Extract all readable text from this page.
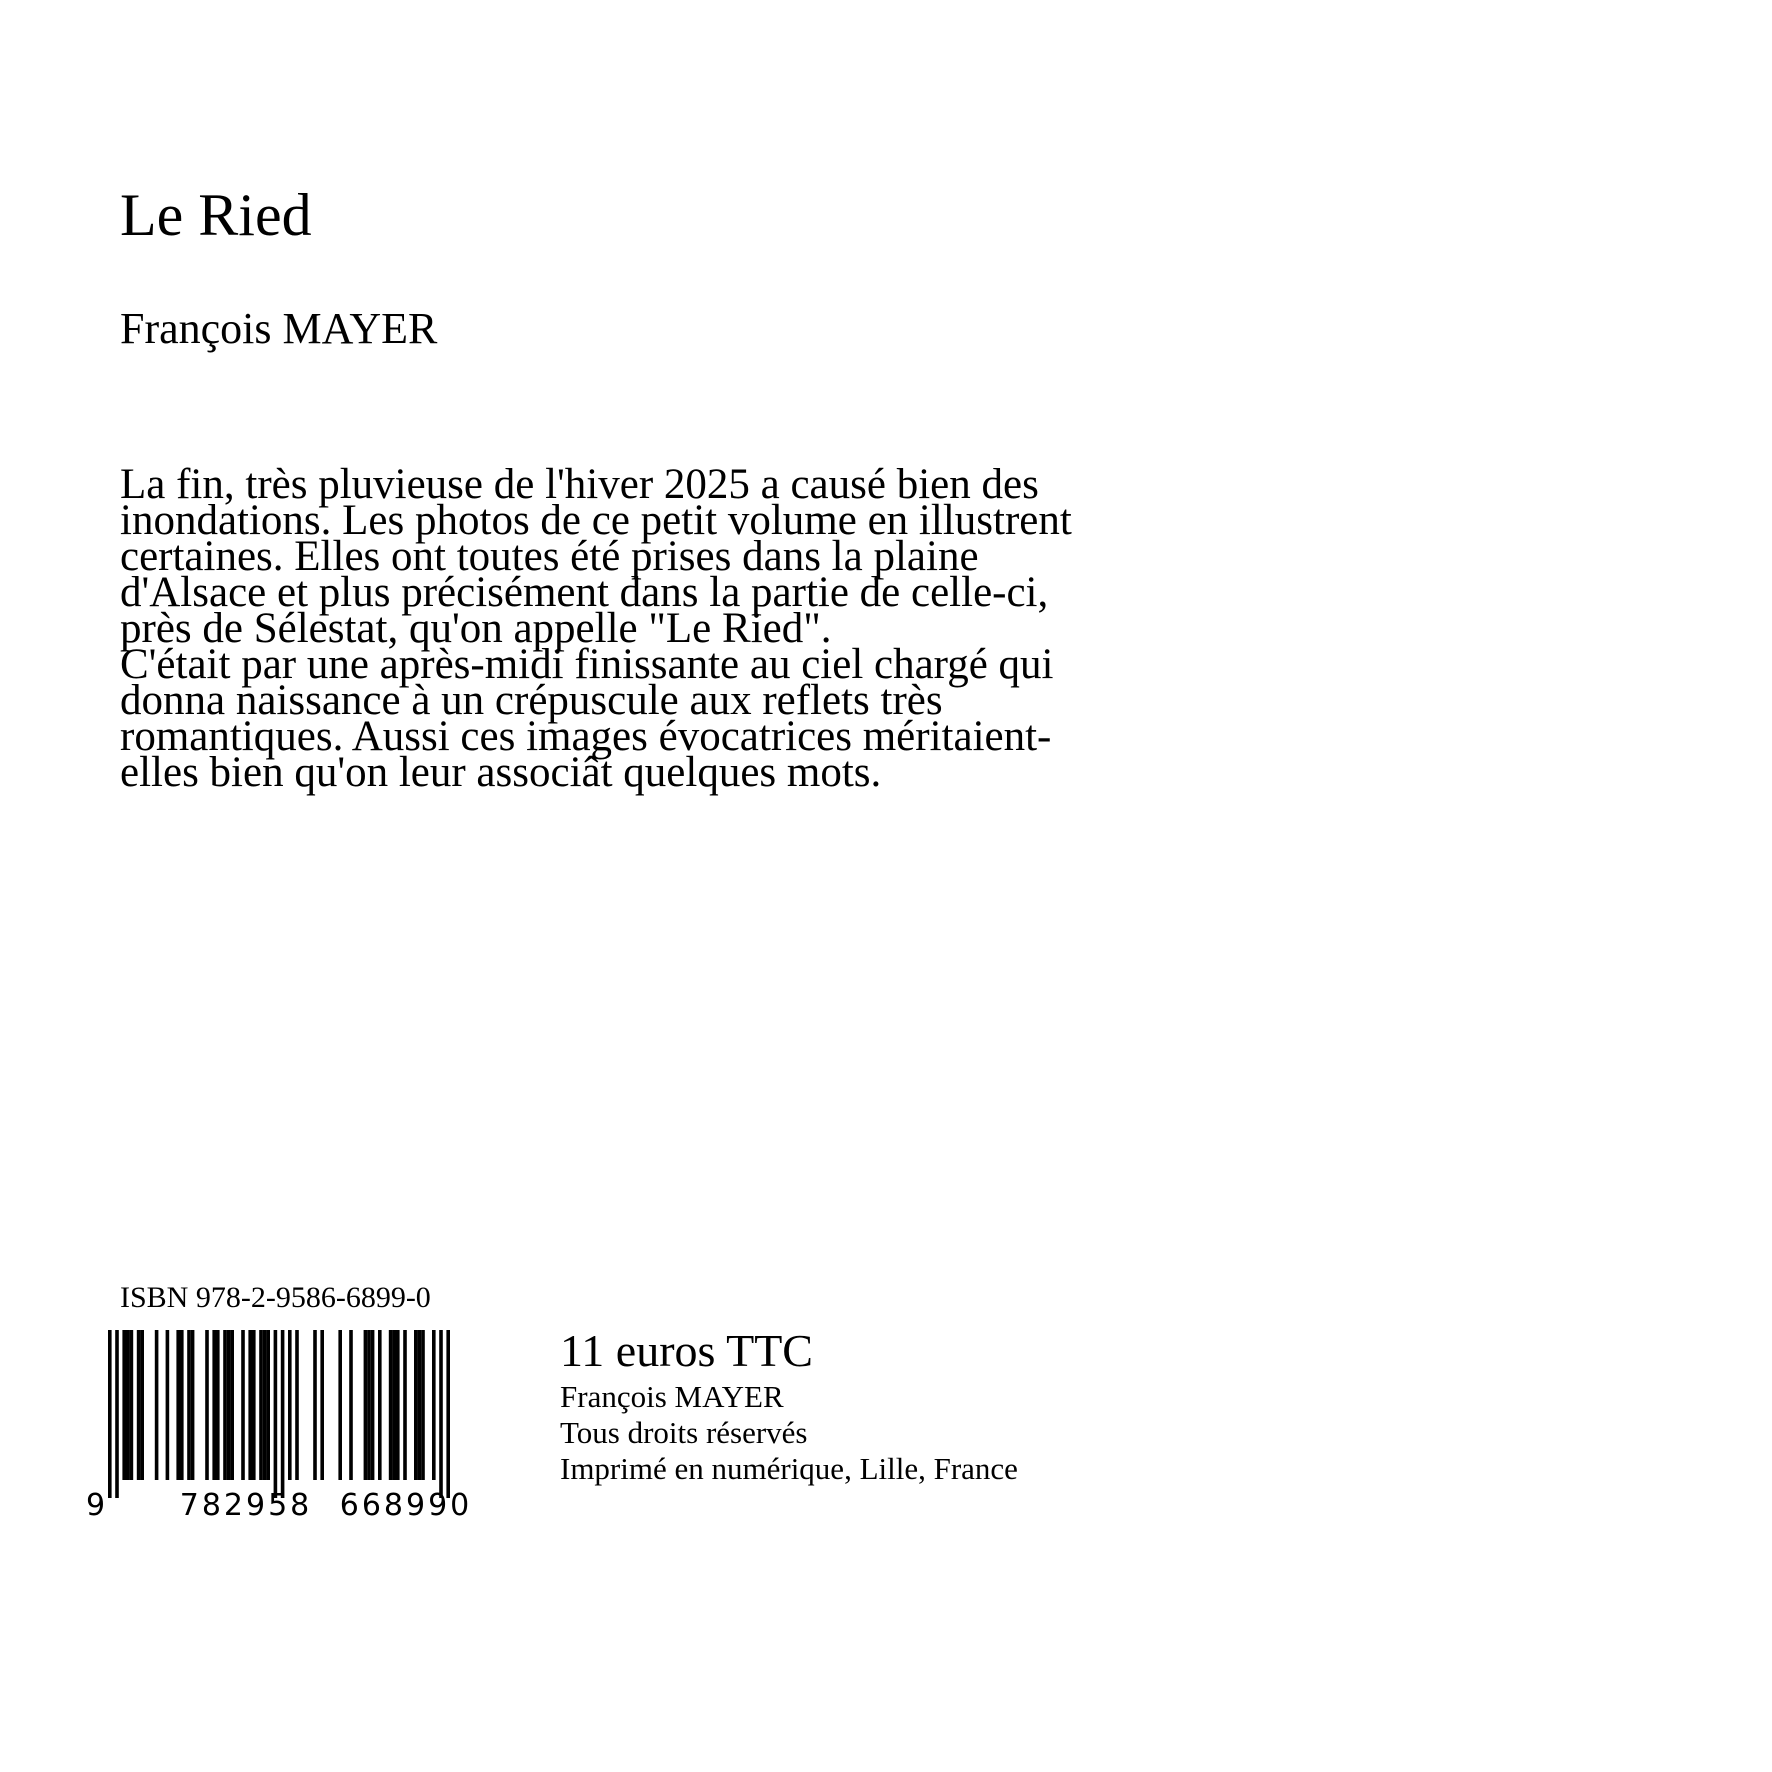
Le Ried
François MAYER
La fin, très pluvieuse de l'hiver 2025 a causé bien des
inondations. Les photos de ce petit volume en illustrent
certaines. Elles ont toutes été prises dans la plaine
d'Alsace et plus précisément dans la partie de celle-ci,
près de Sélestat, qu'on appelle "Le Ried".
C'était par une après-midi finissante au ciel chargé qui
donna naissance à un crépuscule aux reflets très
romantiques. Aussi ces images évocatrices méritaient-
elles bien qu'on leur associât quelques mots.
ISBN 978-2-9586-6899-0
9 782958 668990
11 euros TTC
François MAYER
Tous droits réservés
Imprimé en numérique, Lille, France
